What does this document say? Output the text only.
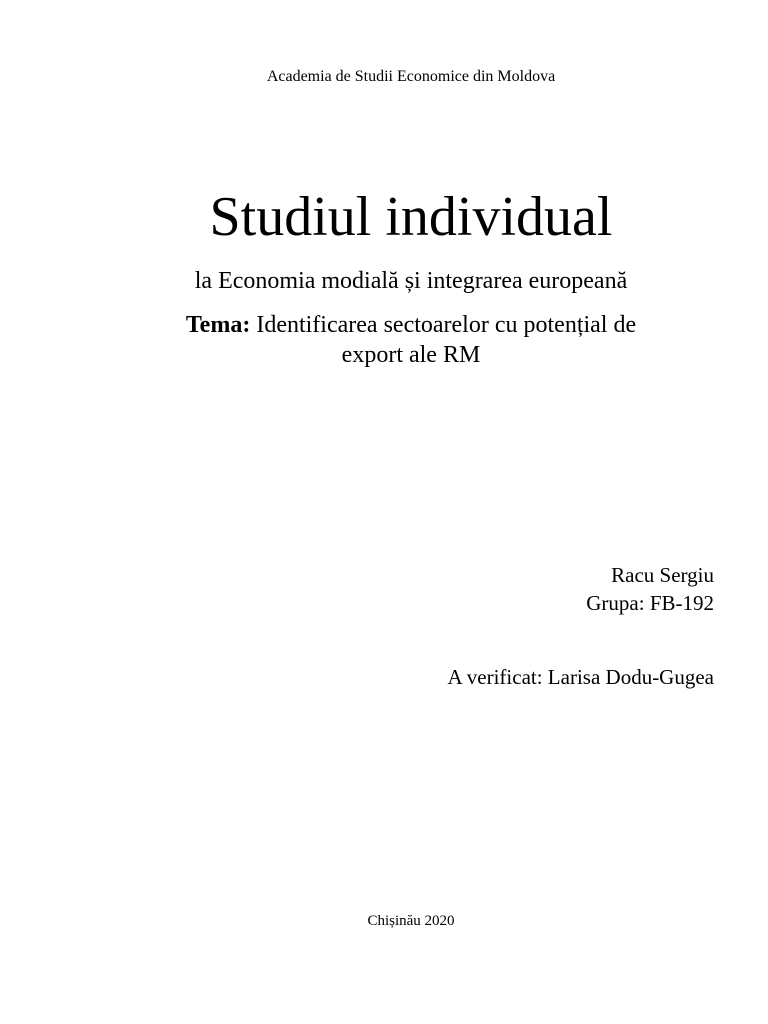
Academia de Studii Economice din Moldova
Studiul individual
la Economia modială și integrarea europeană
Tema: Identificarea sectoarelor cu potențial de
export ale RM
Racu Sergiu
Grupa: FB-192
A verificat: Larisa Dodu-Gugea
Chișinău 2020
